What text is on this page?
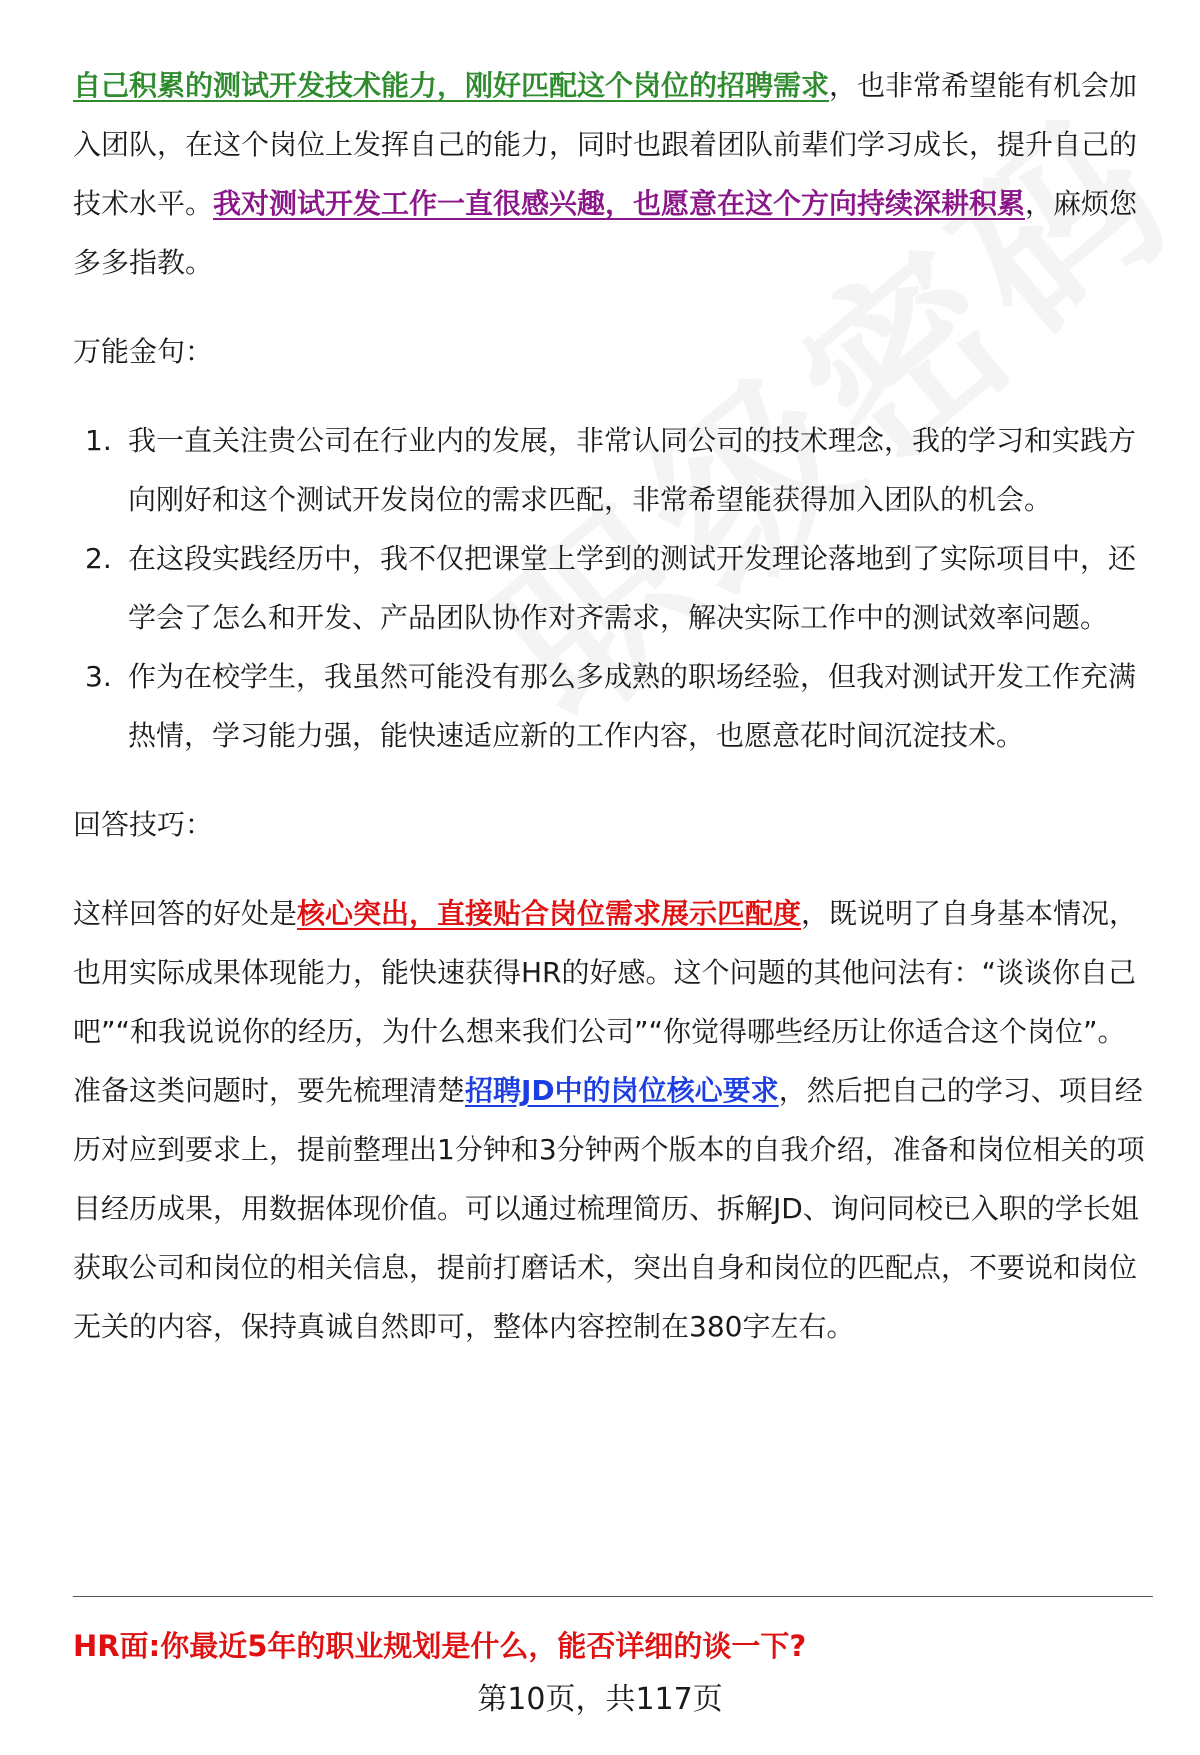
自己积累的测试开发技术能力，刚好匹配这个岗位的招聘需求，也非常希望能有机会加入团队，在这个岗位上发挥自己的能力，同时也跟着团队前辈们学习成长，提升自己的技术水平。我对测试开发工作一直很感兴趣，也愿意在这个方向持续深耕积累，麻烦您多多指教。

万能金句：

1. 我一直关注贵公司在行业内的发展，非常认同公司的技术理念，我的学习和实践方向刚好和这个测试开发岗位的需求匹配，非常希望能获得加入团队的机会。
2. 在这段实践经历中，我不仅把课堂上学到的测试开发理论落地到了实际项目中，还学会了怎么和开发、产品团队协作对齐需求，解决实际工作中的测试效率问题。
3. 作为在校学生，我虽然可能没有那么多成熟的职场经验，但我对测试开发工作充满热情，学习能力强，能快速适应新的工作内容，也愿意花时间沉淀技术。

回答技巧：

这样回答的好处是核心突出，直接贴合岗位需求展示匹配度，既说明了自身基本情况，也用实际成果体现能力，能快速获得HR的好感。这个问题的其他问法有：“谈谈你自己吧”“和我说说你的经历，为什么想来我们公司”“你觉得哪些经历让你适合这个岗位”。

准备这类问题时，要先梳理清楚招聘JD中的岗位核心要求，然后把自己的学习、项目经历对应到要求上，提前整理出1分钟和3分钟两个版本的自我介绍，准备和岗位相关的项目经历成果，用数据体现价值。可以通过梳理简历、拆解JD、询问同校已入职的学长姐获取公司和岗位的相关信息，提前打磨话术，突出自身和岗位的匹配点，不要说和岗位无关的内容，保持真诚自然即可，整体内容控制在380字左右。

HR面:你最近5年的职业规划是什么，能否详细的谈一下?
第10页，共117页
